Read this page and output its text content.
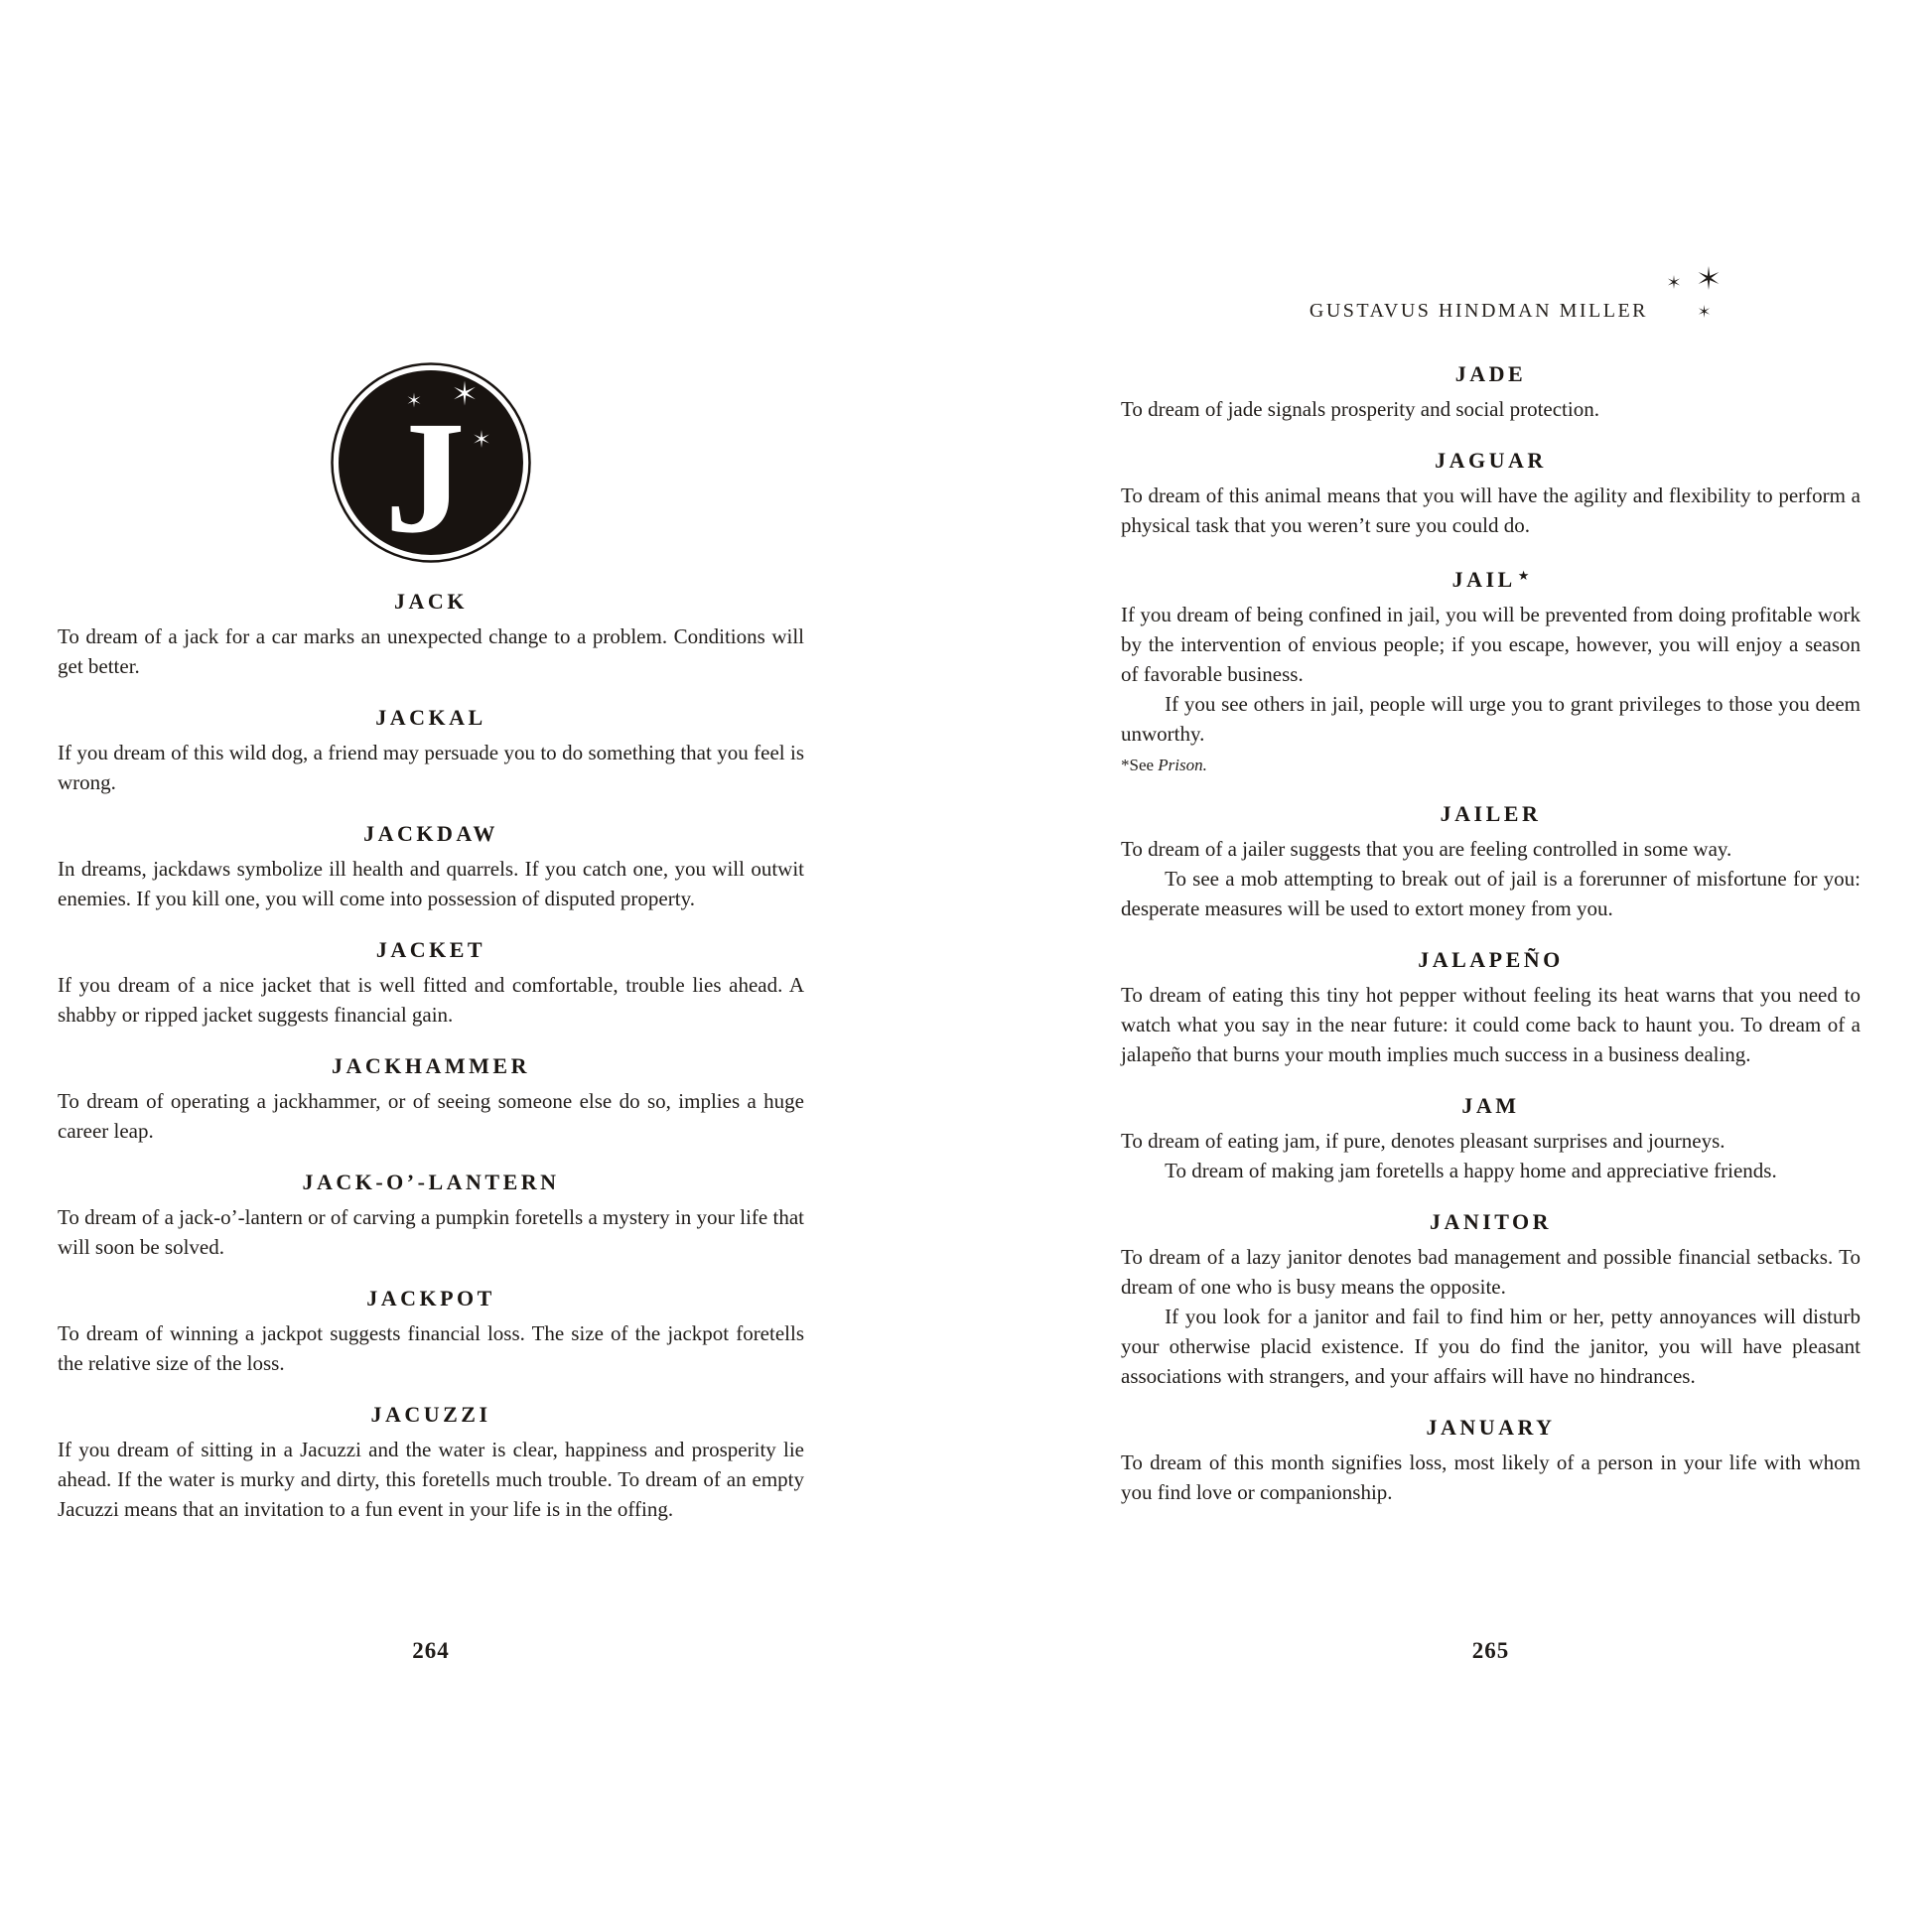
J
JACK

To dream of a jack for a car marks an unexpected change to a problem. Conditions will get better.

JACKAL

If you dream of this wild dog, a friend may persuade you to do something that you feel is wrong.

JACKDAW

In dreams, jackdaws symbolize ill health and quarrels. If you catch one, you will outwit enemies. If you kill one, you will come into possession of disputed property.

JACKET

If you dream of a nice jacket that is well fitted and comfortable, trouble lies ahead. A shabby or ripped jacket suggests financial gain.

JACKHAMMER

To dream of operating a jackhammer, or of seeing someone else do so, implies a huge career leap.

JACK-O’-LANTERN

To dream of a jack-o’-lantern or of carving a pumpkin foretells a mystery in your life that will soon be solved.

JACKPOT

To dream of winning a jackpot suggests financial loss. The size of the jackpot foretells the relative size of the loss.

JACUZZI

If you dream of sitting in a Jacuzzi and the water is clear, happiness and prosperity lie ahead. If the water is murky and dirty, this foretells much trouble. To dream of an empty Jacuzzi means that an invitation to a fun event in your life is in the offing.

264
GUSTAVUS HINDMAN MILLER
JADE

To dream of jade signals prosperity and social protection.

JAGUAR

To dream of this animal means that you will have the agility and flexibility to perform a physical task that you weren’t sure you could do.

JAIL ★

If you dream of being confined in jail, you will be prevented from doing profitable work by the intervention of envious people; if you escape, however, you will enjoy a season of favorable business.

If you see others in jail, people will urge you to grant privileges to those you deem unworthy.

*See Prison.

JAILER

To dream of a jailer suggests that you are feeling controlled in some way.

To see a mob attempting to break out of jail is a forerunner of misfortune for you: desperate measures will be used to extort money from you.

JALAPEÑO

To dream of eating this tiny hot pepper without feeling its heat warns that you need to watch what you say in the near future: it could come back to haunt you. To dream of a jalapeño that burns your mouth implies much success in a business dealing.

JAM

To dream of eating jam, if pure, denotes pleasant surprises and journeys.

To dream of making jam foretells a happy home and appreciative friends.

JANITOR

To dream of a lazy janitor denotes bad management and possible financial setbacks. To dream of one who is busy means the opposite.

If you look for a janitor and fail to find him or her, petty annoyances will disturb your otherwise placid existence. If you do find the janitor, you will have pleasant associations with strangers, and your affairs will have no hindrances.

JANUARY

To dream of this month signifies loss, most likely of a person in your life with whom you find love or companionship.

265
